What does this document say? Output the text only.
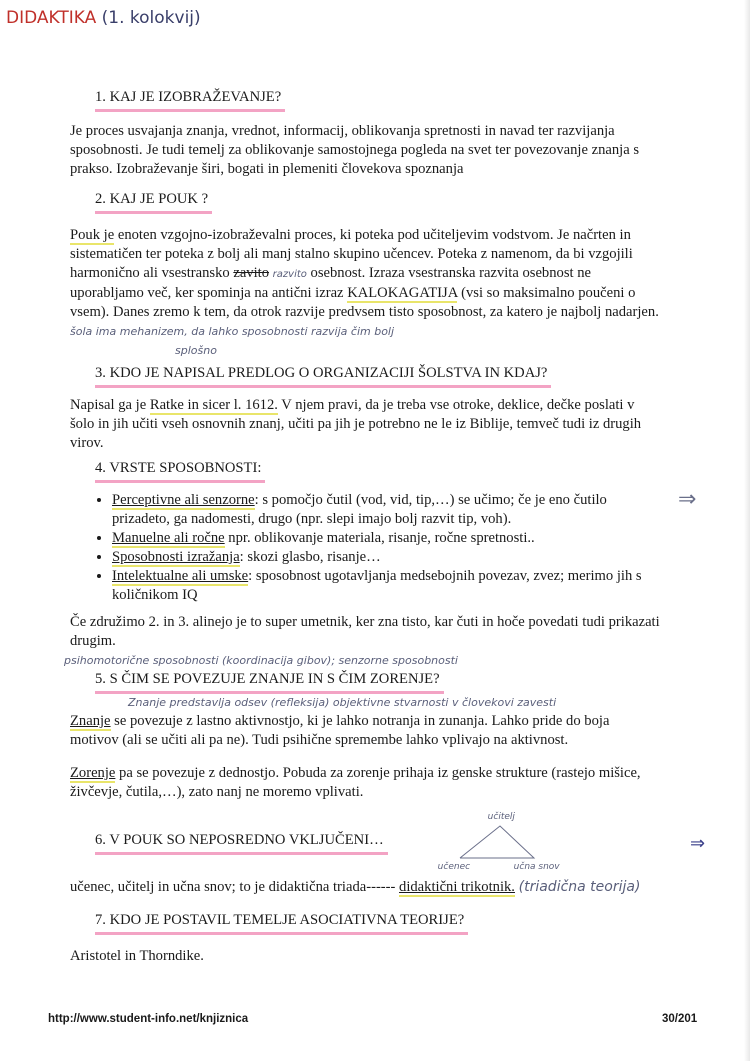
DIDAKTIKA (1. kolokvij)
1. KAJ JE IZOBRAŽEVANJE?
Je proces usvajanja znanja, vrednot, informacij, oblikovanja spretnosti in navad ter razvijanja sposobnosti. Je tudi temelj za oblikovanje samostojnega pogleda na svet ter povezovanje znanja s prakso. Izobraževanje širi, bogati in plemeniti človekova spoznanja
2. KAJ JE POUK ?
Pouk je enoten vzgojno-izobraževalni proces, ki poteka pod učiteljevim vodstvom. Je načrten in sistematičen ter poteka z bolj ali manj stalno skupino učencev. Poteka z namenom, da bi vzgojili harmonično ali vsestransko zavito razvito osebnost. Izraza vsestranska razvita osebnost ne uporabljamo več, ker spominja na antični izraz KALOKAGATIJA (vsi so maksimalno poučeni o vsem). Danes zremo k tem, da otrok razvije predvsem tisto sposobnost, za katero je najbolj nadarjen. šola ima mehanizem, da lahko sposobnosti razvija čim bolj
splošno
3. KDO JE NAPISAL PREDLOG O ORGANIZACIJI ŠOLSTVA IN KDAJ?
Napisal ga je Ratke in sicer l. 1612. V njem pravi, da je treba vse otroke, deklice, dečke poslati v šolo in jih učiti vseh osnovnih znanj, učiti pa jih je potrebno ne le iz Biblije, temveč tudi iz drugih virov.
4. VRSTE SPOSOBNOSTI:
• Perceptivne ali senzorne: s pomočjo čutil (vod, vid, tip,…) se učimo; če je eno čutilo prizadeto, ga nadomesti, drugo (npr. slepi imajo bolj razvit tip, voh).
• Manuelne ali ročne npr. oblikovanje materiala, risanje, ročne spretnosti..
• Sposobnosti izražanja: skozi glasbo, risanje…
• Intelektualne ali umske: sposobnost ugotavljanja medsebojnih povezav, zvez; merimo jih s količnikom IQ
⇒
Če združimo 2. in 3. alinejo je to super umetnik, ker zna tisto, kar čuti in hoče povedati tudi prikazati drugim.
psihomotorične sposobnosti (koordinacija gibov); senzorne sposobnosti
5. S ČIM SE POVEZUJE ZNANJE IN S ČIM ZORENJE?
Znanje predstavlja odsev (refleksija) objektivne stvarnosti v človekovi zavesti
Znanje se povezuje z lastno aktivnostjo, ki je lahko notranja in zunanja. Lahko pride do boja motivov (ali se učiti ali pa ne). Tudi psihične spremembe lahko vplivajo na aktivnost.
Zorenje pa se povezuje z dednostjo. Pobuda za zorenje prihaja iz genske strukture (rastejo mišice, živčevje, čutila,…), zato nanj ne moremo vplivati.
6. V POUK SO NEPOSREDNO VKLJUČENI…
učitelj
učenec	učna snov
⇒
učenec, učitelj in učna snov; to je didaktična triada------ didaktični trikotnik. (triadična teorija)
7. KDO JE POSTAVIL TEMELJE ASOCIATIVNA TEORIJE?
Aristotel in Thorndike.
http://www.student-info.net/knjiznica	30/201
